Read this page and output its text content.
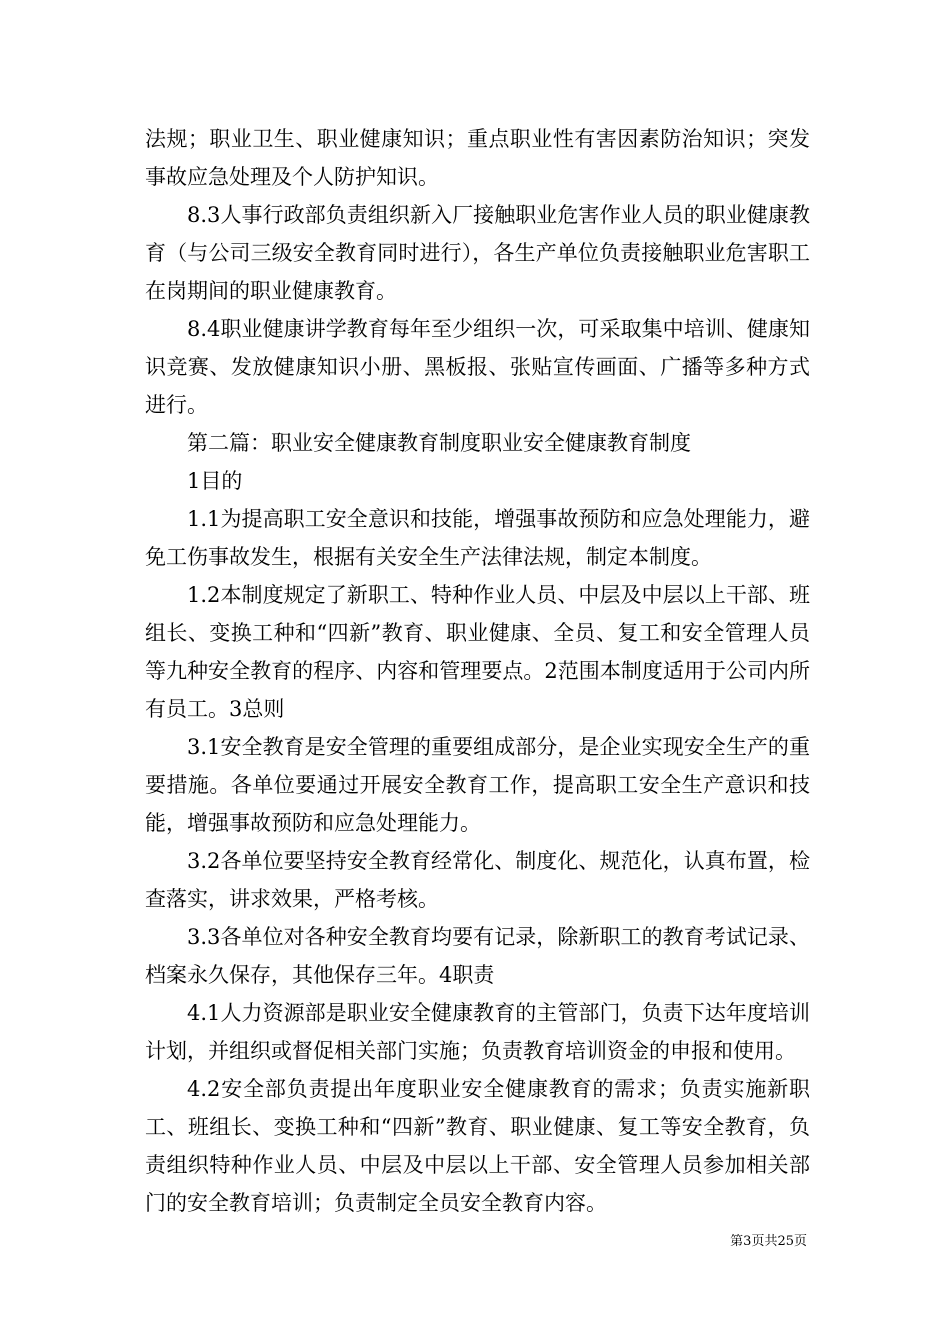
法规；职业卫生、职业健康知识；重点职业性有害因素防治知识；突发事故应急处理及个人防护知识。

8.3人事行政部负责组织新入厂接触职业危害作业人员的职业健康教育（与公司三级安全教育同时进行），各生产单位负责接触职业危害职工在岗期间的职业健康教育。

8.4职业健康讲学教育每年至少组织一次，可采取集中培训、健康知识竞赛、发放健康知识小册、黑板报、张贴宣传画面、广播等多种方式进行。

第二篇：职业安全健康教育制度职业安全健康教育制度

1目的

1.1为提高职工安全意识和技能，增强事故预防和应急处理能力，避免工伤事故发生，根据有关安全生产法律法规，制定本制度。

1.2本制度规定了新职工、特种作业人员、中层及中层以上干部、班组长、变换工种和“四新”教育、职业健康、全员、复工和安全管理人员等九种安全教育的程序、内容和管理要点。2范围本制度适用于公司内所有员工。3总则

3.1安全教育是安全管理的重要组成部分，是企业实现安全生产的重要措施。各单位要通过开展安全教育工作，提高职工安全生产意识和技能，增强事故预防和应急处理能力。

3.2各单位要坚持安全教育经常化、制度化、规范化，认真布置，检查落实，讲求效果，严格考核。

3.3各单位对各种安全教育均要有记录，除新职工的教育考试记录、档案永久保存，其他保存三年。4职责

4.1人力资源部是职业安全健康教育的主管部门，负责下达年度培训计划，并组织或督促相关部门实施；负责教育培训资金的申报和使用。

4.2安全部负责提出年度职业安全健康教育的需求；负责实施新职工、班组长、变换工种和“四新”教育、职业健康、复工等安全教育，负责组织特种作业人员、中层及中层以上干部、安全管理人员参加相关部门的安全教育培训；负责制定全员安全教育内容。

第3页共25页
